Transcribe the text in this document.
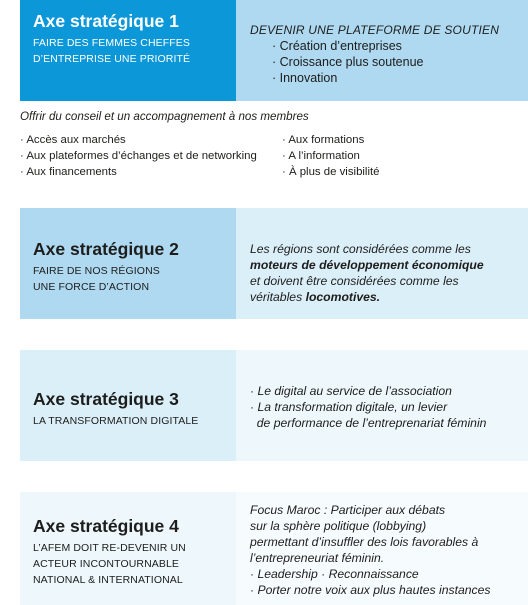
Axe stratégique 1
FAIRE DES FEMMES CHEFFES
D’ENTREPRISE UNE PRIORITÉ
DEVENIR UNE PLATEFORME DE SOUTIEN
· Création d’entreprises
· Croissance plus soutenue
· Innovation

Offrir du conseil et un accompagnement à nos membres

· Accès aux marchés
· Aux plateformes d’échanges et de networking
· Aux financements
· Aux formations
· A l’information
· À plus de visibilité
Axe stratégique 2
FAIRE DE NOS RÉGIONS
UNE FORCE D’ACTION
Les régions sont considérées comme les
moteurs de développement économique
et doivent être considérées comme les
véritables locomotives.
Axe stratégique 3
LA TRANSFORMATION DIGITALE
· Le digital au service de l’association
· La transformation digitale, un levier
de performance de l’entreprenariat féminin
Axe stratégique 4
L’AFEM DOIT RE-DEVENIR UN
ACTEUR INCONTOURNABLE
NATIONAL & INTERNATIONAL
Focus Maroc : Participer aux débats
sur la sphère politique (lobbying)
permettant d’insuffler des lois favorables à
l’entrepreneuriat féminin.
· Leadership · Reconnaissance
· Porter notre voix aux plus hautes instances
